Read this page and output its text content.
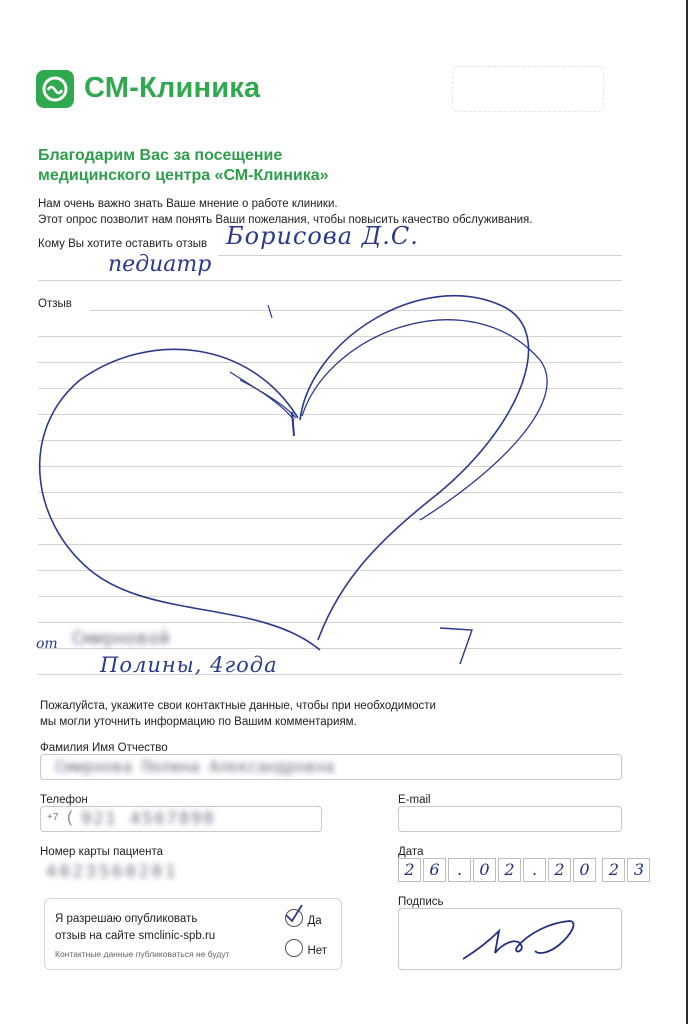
СМ-Клиника
Благодарим Вас за посещение
медицинского центра «СМ-Клиника»
Нам очень важно знать Ваше мнение о работе клиники.
Этот опрос позволит нам понять Ваши пожелания, чтобы повысить качество обслуживания.
Кому Вы хотите оставить отзыв Борисова Д.С.
педиатр
Отзыв
от Смирновой
Полины, 4года
Пожалуйста, укажите свои контактные данные, чтобы при необходимости
мы могли уточнить информацию по Вашим комментариям.
Фамилия Имя Отчество
Смирнова Полина Александровна
Телефон
+7 ( 921 4567890
E-mail
Номер карты пациента
4023560201
Дата
2 6 . 0 2 . 2 0 2 3
Я разрешаю опубликовать
отзыв на сайте smclinic-spb.ru
Контактные данные публиковаться не будут
Да
Нет
Подпись
